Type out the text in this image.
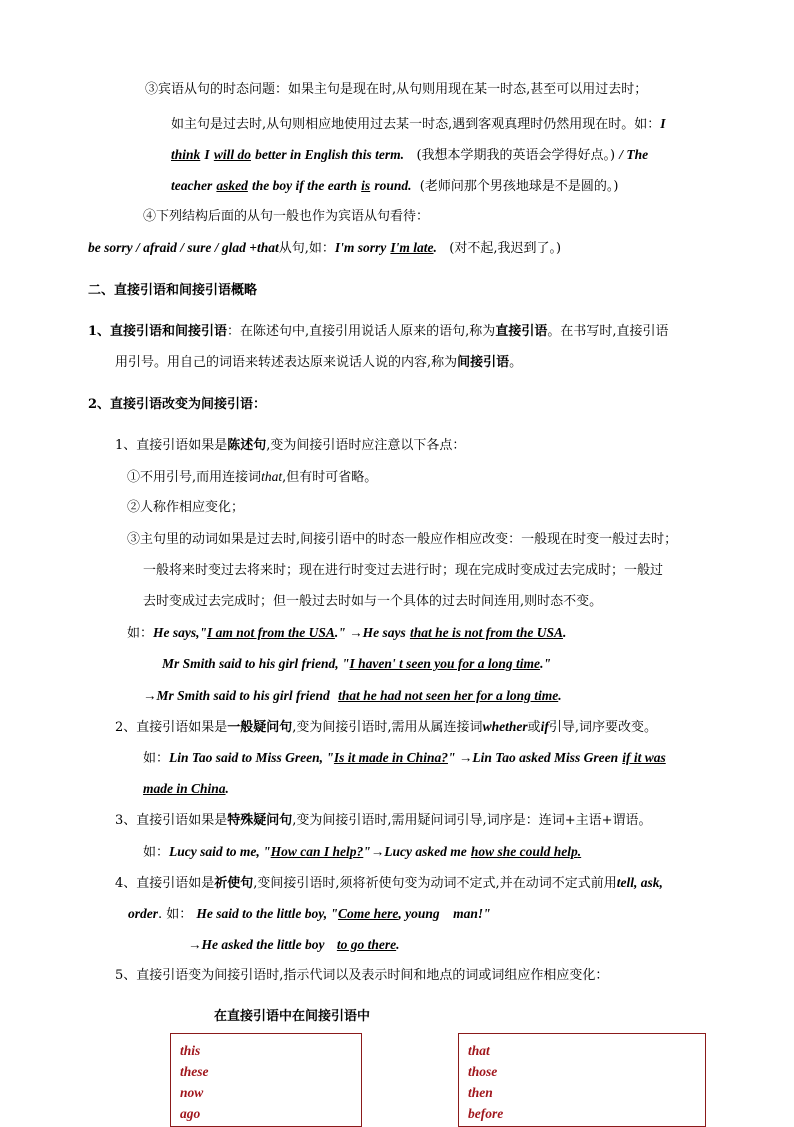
③宾语从句的时态问题：如果主句是现在时,从句则用现在某一时态,甚至可以用过去时；
如主句是过去时,从句则相应地使用过去某一时态,遇到客观真理时仍然用现在时。如：I
think I will do better in English this term. (我想本学期我的英语会学得好点。) / The
teacher asked the boy if the earth is round. (老师问那个男孩地球是不是圆的。)
④下列结构后面的从句一般也作为宾语从句看待：
be sorry / afraid / sure / glad +that从句,如：I'm sorry I'm late. (对不起,我迟到了。)
二、直接引语和间接引语概略
1、直接引语和间接引语：在陈述句中,直接引用说话人原来的语句,称为直接引语。在书写时,直接引语
用引号。用自己的词语来转述表达原来说话人说的内容,称为间接引语。
2、直接引语改变为间接引语：
1、直接引语如果是陈述句,变为间接引语时应注意以下各点：
①不用引号,而用连接词that,但有时可省略。
②人称作相应变化；
③主句里的动词如果是过去时,间接引语中的时态一般应作相应改变：一般现在时变一般过去时；
一般将来时变过去将来时；现在进行时变过去进行时；现在完成时变成过去完成时；一般过
去时变成过去完成时；但一般过去时如与一个具体的过去时间连用,则时态不变。
如：He says,"I am not from the USA." →He says that he is not from the USA.
Mr Smith said to his girl friend, "I haven' t seen you for a long time."
→Mr Smith said to his girl friend that he had not seen her for a long time.
2、直接引语如果是一般疑问句,变为间接引语时,需用从属连接词whether或if引导,词序要改变。
如：Lin Tao said to Miss Green, "Is it made in China?" →Lin Tao asked Miss Green if it was
made in China.
3、直接引语如果是特殊疑问句,变为间接引语时,需用疑问词引导,词序是：连词+主语+谓语。
如：Lucy said to me, "How can I help?"→Lucy asked me how she could help.
4、直接引语如是祈使句,变间接引语时,须将祈使句变为动词不定式,并在动词不定式前用tell, ask,
order. 如： He said to the little boy, "Come here, young    man!"
→He asked the little boy to go there.
5、直接引语变为间接引语时,指示代词以及表示时间和地点的词或词组应作相应变化：
在直接引语中在间接引语中
this
these
now
ago
that
those
then
before
